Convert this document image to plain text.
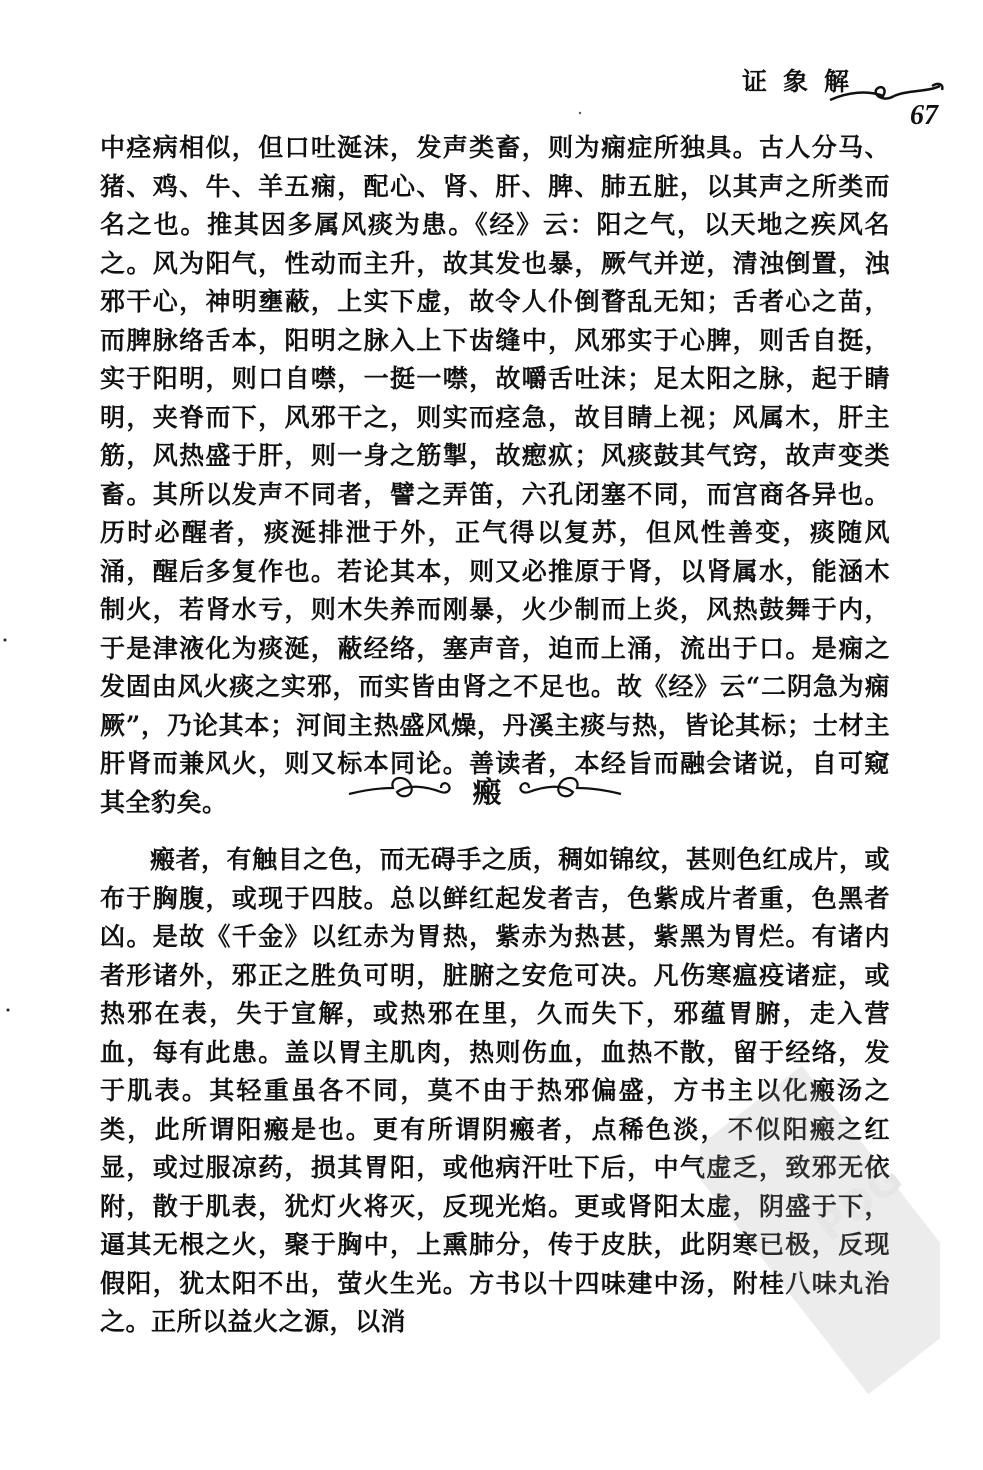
证象解
67

中痉病相似，但口吐涎沫，发声类畜，则为痫症所独具。古人分马、猪、鸡、牛、羊五痫，配心、肾、肝、脾、肺五脏，以其声之所类而名之也。推其因多属风痰为患。《经》云：阳之气，以天地之疾风名之。风为阳气，性动而主升，故其发也暴，厥气并逆，清浊倒置，浊邪干心，神明壅蔽，上实下虚，故令人仆倒瞀乱无知；舌者心之苗，而脾脉络舌本，阳明之脉入上下齿缝中，风邪实于心脾，则舌自挺，实于阳明，则口自噤，一挺一噤，故嚼舌吐沫；足太阳之脉，起于睛明，夹脊而下，风邪干之，则实而痉急，故目睛上视；风属木，肝主筋，风热盛于肝，则一身之筋掣，故瘛疭；风痰鼓其气窍，故声变类畜。其所以发声不同者，譬之弄笛，六孔闭塞不同，而宫商各异也。历时必醒者，痰涎排泄于外，正气得以复苏，但风性善变，痰随风涌，醒后多复作也。若论其本，则又必推原于肾，以肾属水，能涵木制火，若肾水亏，则木失养而刚暴，火少制而上炎，风热鼓舞于内，于是津液化为痰涎，蔽经络，塞声音，迫而上涌，流出于口。是痫之发固由风火痰之实邪，而实皆由肾之不足也。故《经》云“二阴急为痫厥”，乃论其本；河间主热盛风燥，丹溪主痰与热，皆论其标；士材主肝肾而兼风火，则又标本同论。善读者，本经旨而融会诸说，自可窥其全豹矣。	瘢

瘢者，有触目之色，而无碍手之质，稠如锦纹，甚则色红成片，或布于胸腹，或现于四肢。总以鲜红起发者吉，色紫成片者重，色黑者凶。是故《千金》以红赤为胃热，紫赤为热甚，紫黑为胃烂。有诸内者形诸外，邪正之胜负可明，脏腑之安危可决。凡伤寒瘟疫诸症，或热邪在表，失于宣解，或热邪在里，久而失下，邪蕴胃腑，走入营血，每有此患。盖以胃主肌肉，热则伤血，血热不散，留于经络，发于肌表。其轻重虽各不同，莫不由于热邪偏盛，方书主以化瘢汤之类，此所谓阳瘢是也。更有所谓阴瘢者，点稀色淡，不似阳瘢之红显，或过服凉药，损其胃阳，或他病汗吐下后，中气虚乏，致邪无依附，散于肌表，犹灯火将灭，反现光焰。更或肾阳太虚，阴盛于下，逼其无根之火，聚于胸中，上熏肺分，传于皮肤，此阴寒已极，反现假阳，犹太阳不出，萤火生光。方书以十四味建中汤，附桂八味丸治之。正所以益火之源，以消

PDG
